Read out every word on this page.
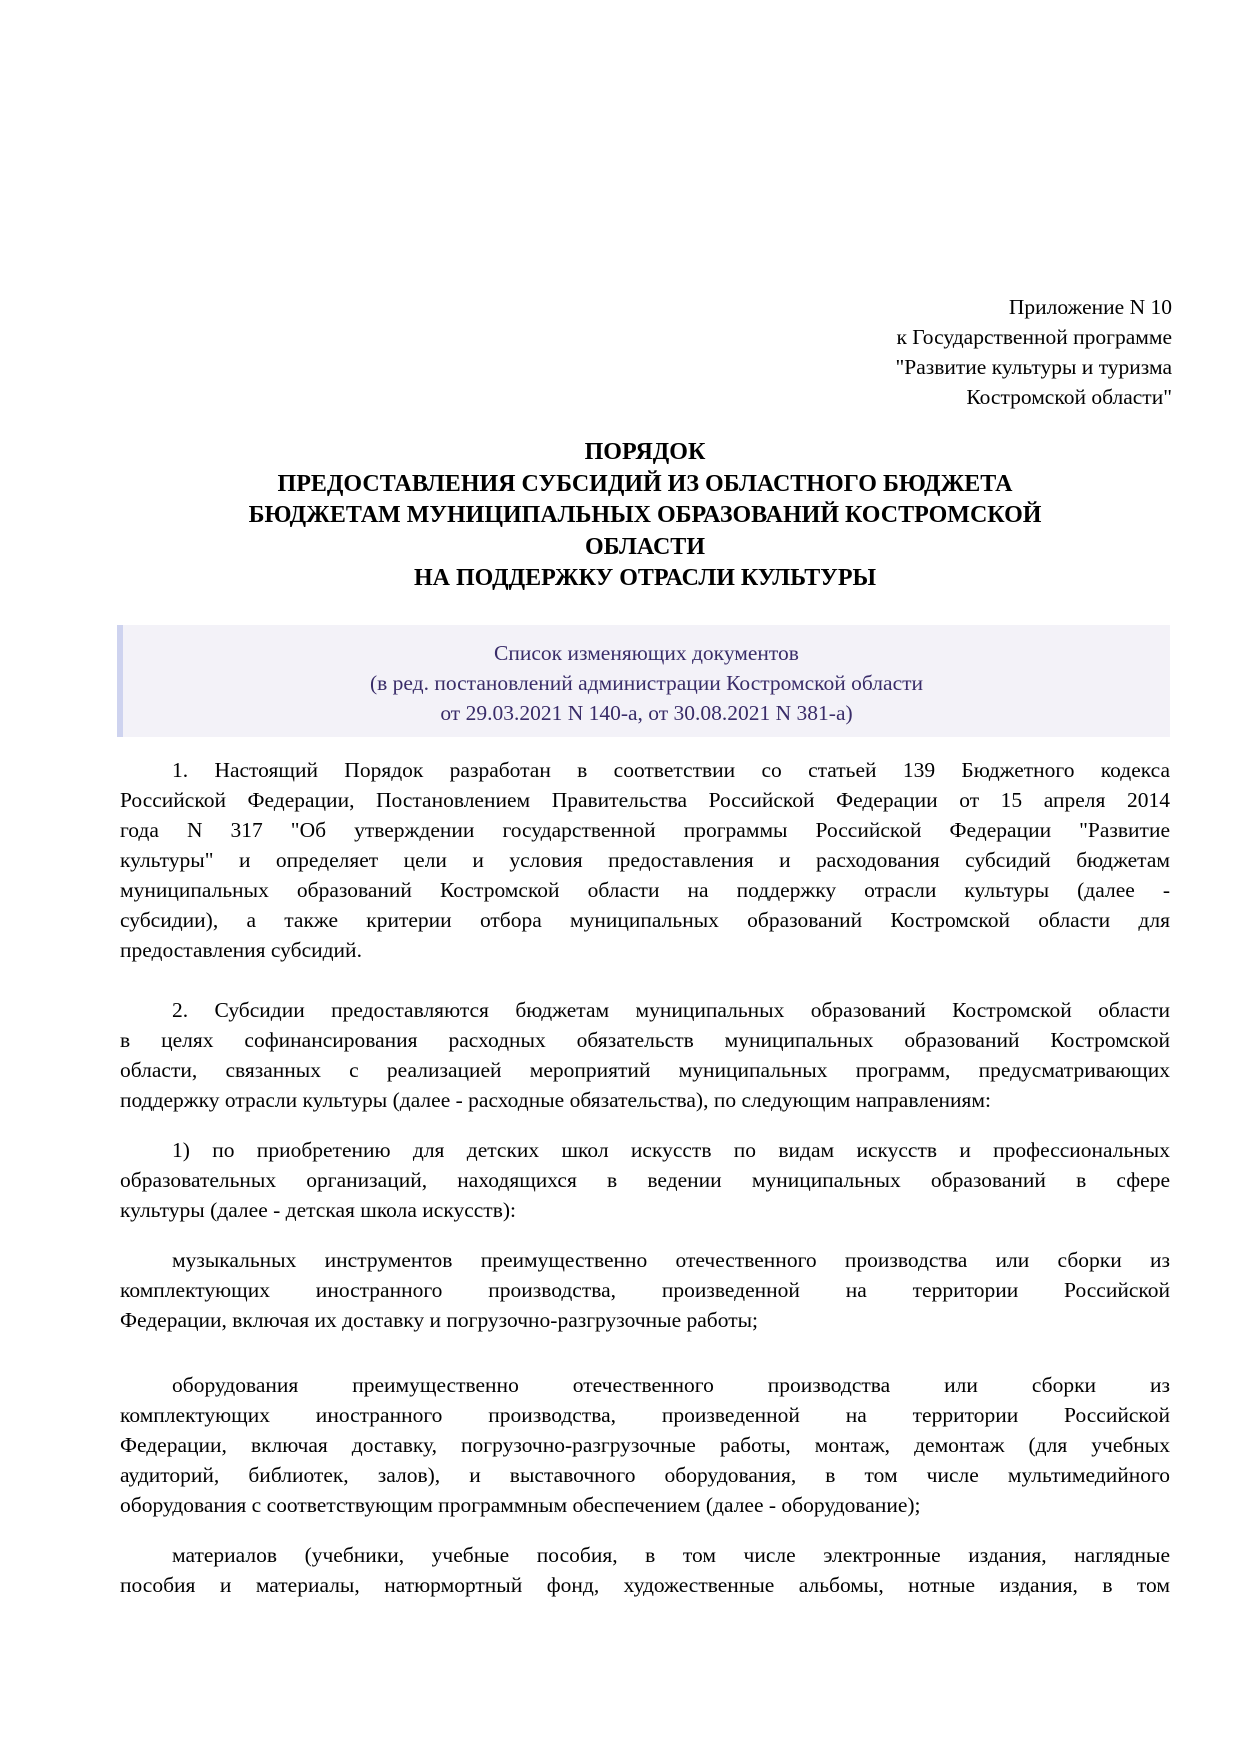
Приложение N 10
к Государственной программе
"Развитие культуры и туризма
Костромской области"
ПОРЯДОК
ПРЕДОСТАВЛЕНИЯ СУБСИДИЙ ИЗ ОБЛАСТНОГО БЮДЖЕТА
БЮДЖЕТАМ МУНИЦИПАЛЬНЫХ ОБРАЗОВАНИЙ КОСТРОМСКОЙ
ОБЛАСТИ
НА ПОДДЕРЖКУ ОТРАСЛИ КУЛЬТУРЫ
Список изменяющих документов
(в ред. постановлений администрации Костромской области
от 29.03.2021 N 140-а, от 30.08.2021 N 381-а)
1. Настоящий Порядок разработан в соответствии со статьей 139 Бюджетного кодекса
Российской Федерации, Постановлением Правительства Российской Федерации от 15 апреля 2014
года N 317 "Об утверждении государственной программы Российской Федерации "Развитие
культуры" и определяет цели и условия предоставления и расходования субсидий бюджетам
муниципальных образований Костромской области на поддержку отрасли культуры (далее -
субсидии), а также критерии отбора муниципальных образований Костромской области для
предоставления субсидий.
2. Субсидии предоставляются бюджетам муниципальных образований Костромской области
в целях софинансирования расходных обязательств муниципальных образований Костромской
области, связанных с реализацией мероприятий муниципальных программ, предусматривающих
поддержку отрасли культуры (далее - расходные обязательства), по следующим направлениям:
1) по приобретению для детских школ искусств по видам искусств и профессиональных
образовательных организаций, находящихся в ведении муниципальных образований в сфере
культуры (далее - детская школа искусств):
музыкальных инструментов преимущественно отечественного производства или сборки из
комплектующих иностранного производства, произведенной на территории Российской
Федерации, включая их доставку и погрузочно-разгрузочные работы;
оборудования преимущественно отечественного производства или сборки из
комплектующих иностранного производства, произведенной на территории Российской
Федерации, включая доставку, погрузочно-разгрузочные работы, монтаж, демонтаж (для учебных
аудиторий, библиотек, залов), и выставочного оборудования, в том числе мультимедийного
оборудования с соответствующим программным обеспечением (далее - оборудование);
материалов (учебники, учебные пособия, в том числе электронные издания, наглядные
пособия и материалы, натюрмортный фонд, художественные альбомы, нотные издания, в том
